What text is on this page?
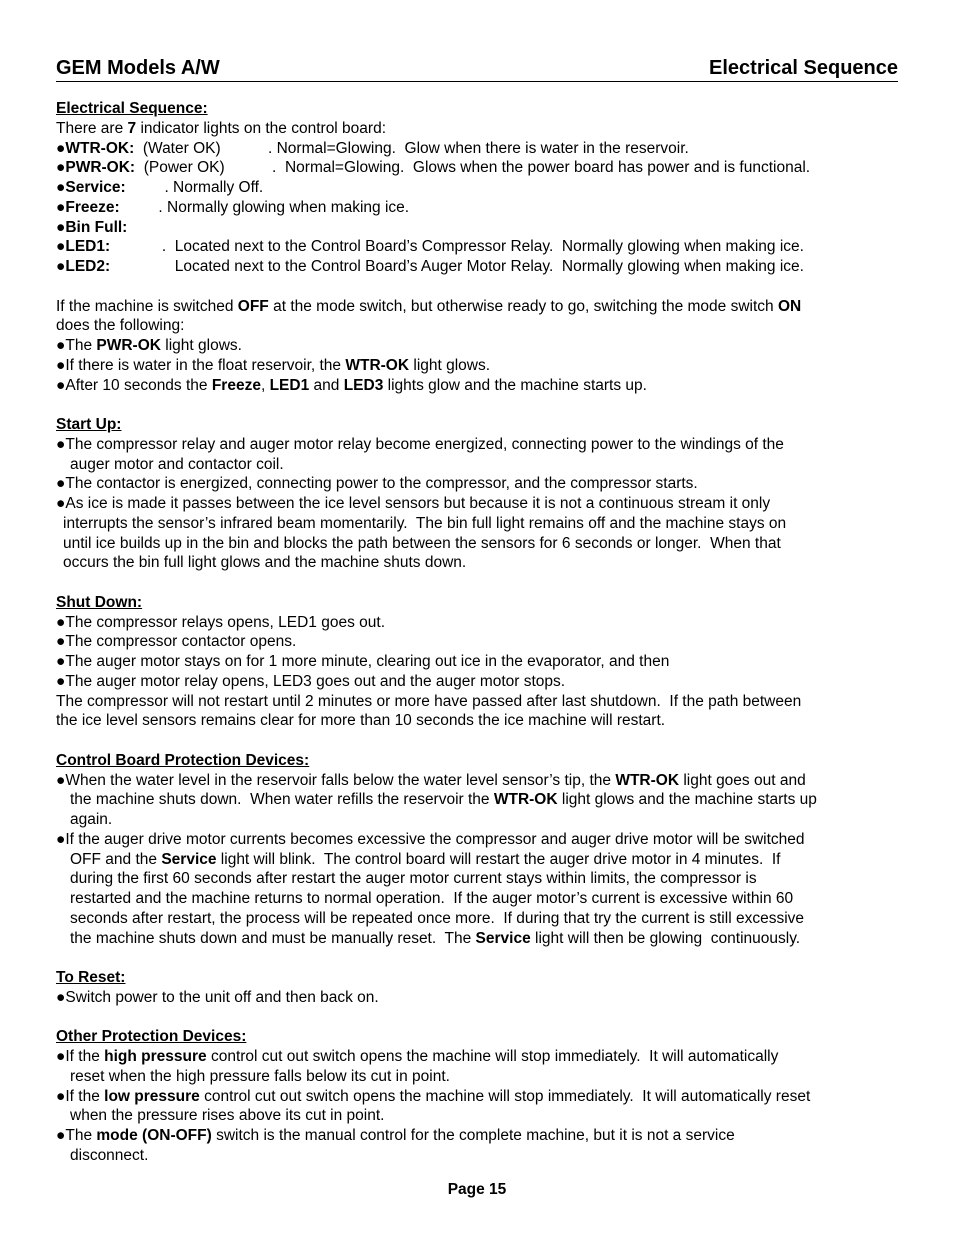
GEM Models A/W	Electrical Sequence
Electrical Sequence:
There are 7 indicator lights on the control board:
●WTR-OK:  (Water OK)           . Normal=Glowing.  Glow when there is water in the reservoir.
●PWR-OK:  (Power OK)           .  Normal=Glowing.  Glows when the power board has power and is functional.
●Service:         . Normally Off.
●Freeze:         . Normally glowing when making ice.
●Bin Full:
●LED1:            .  Located next to the Control Board’s Compressor Relay.  Normally glowing when making ice.
●LED2:               Located next to the Control Board’s Auger Motor Relay.  Normally glowing when making ice.
If the machine is switched OFF at the mode switch, but otherwise ready to go, switching the mode switch ON
does the following:
●The PWR-OK light glows.
●If there is water in the float reservoir, the WTR-OK light glows.
●After 10 seconds the Freeze, LED1 and LED3 lights glow and the machine starts up.
Start Up:
●The compressor relay and auger motor relay become energized, connecting power to the windings of the
auger motor and contactor coil.
●The contactor is energized, connecting power to the compressor, and the compressor starts.
●As ice is made it passes between the ice level sensors but because it is not a continuous stream it only
interrupts the sensor’s infrared beam momentarily.  The bin full light remains off and the machine stays on
until ice builds up in the bin and blocks the path between the sensors for 6 seconds or longer.  When that
occurs the bin full light glows and the machine shuts down.
Shut Down:
●The compressor relays opens, LED1 goes out.
●The compressor contactor opens.
●The auger motor stays on for 1 more minute, clearing out ice in the evaporator, and then
●The auger motor relay opens, LED3 goes out and the auger motor stops.
The compressor will not restart until 2 minutes or more have passed after last shutdown.  If the path between
the ice level sensors remains clear for more than 10 seconds the ice machine will restart.
Control Board Protection Devices:
●When the water level in the reservoir falls below the water level sensor’s tip, the WTR-OK light goes out and
the machine shuts down.  When water refills the reservoir the WTR-OK light glows and the machine starts up
again.
●If the auger drive motor currents becomes excessive the compressor and auger drive motor will be switched
OFF and the Service light will blink.  The control board will restart the auger drive motor in 4 minutes.  If
during the first 60 seconds after restart the auger motor current stays within limits, the compressor is
restarted and the machine returns to normal operation.  If the auger motor’s current is excessive within 60
seconds after restart, the process will be repeated once more.  If during that try the current is still excessive
the machine shuts down and must be manually reset.  The Service light will then be glowing  continuously.
To Reset:
●Switch power to the unit off and then back on.
Other Protection Devices:
●If the high pressure control cut out switch opens the machine will stop immediately.  It will automatically
reset when the high pressure falls below its cut in point.
●If the low pressure control cut out switch opens the machine will stop immediately.  It will automatically reset
when the pressure rises above its cut in point.
●The mode (ON-OFF) switch is the manual control for the complete machine, but it is not a service
disconnect.
Page 15
